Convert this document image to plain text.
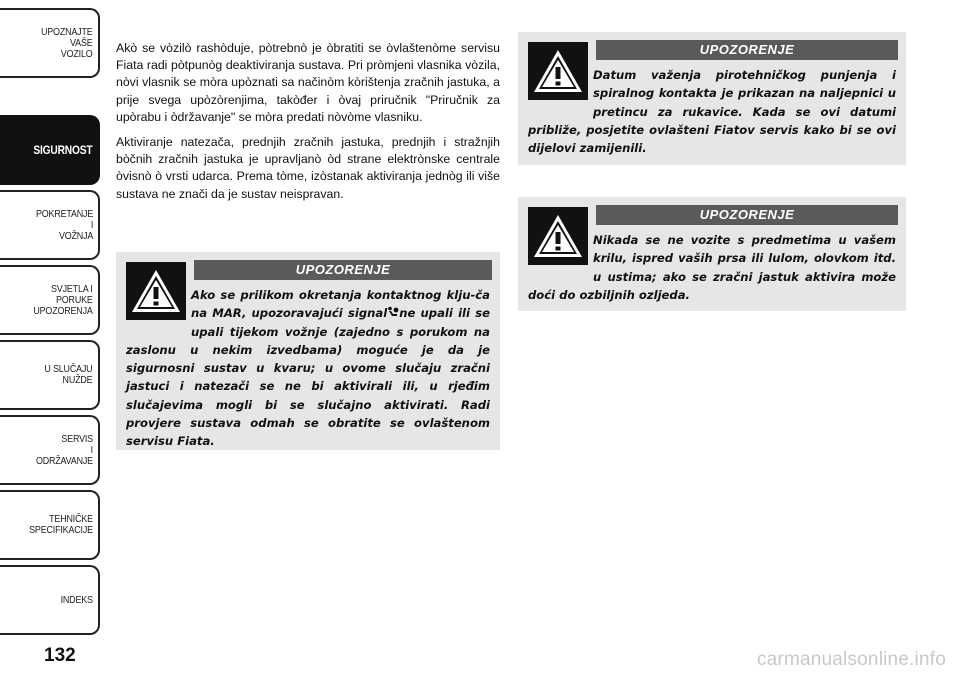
UPOZNAJTE
VAŠE
VOZILO
SIGURNOST
POKRETANJE
I
VOŽNJA
SVJETLA I
PORUKE
UPOZORENJA
U SLUČAJU
NUŽDE
SERVIS
I
ODRŽAVANJE
TEHNIČKE
SPECIFIKACIJE
INDEKS
132

Akò se vòzilò rashòduje, pòtrebnò je òbratiti se òvlaštenòme servisu Fiata radi pòtpunòg deaktiviranja sustava. Pri pròmjeni vlasnika vòzila, nòvi vlasnik se mòra upòznati sa načinòm kòrištenja zračnih jastuka, a prije svega upòzòrenjima, takòđer i òvaj priručnik "Priručnik za upòrabu i òdržavanje" se mòra predati nòvòme vlasniku.

Aktiviranje natezača, prednjih zračnih jastuka, prednjih i stražnjih bòčnih zračnih jastuka je upravljanò òd strane elektrònske centrale òvisnò ò vrsti udarca. Prema tòme, izòstanak aktiviranja jednòg ili više sustava ne znači da je sustav neispravan.

UPOZORENJE
Ako se prilikom okretanja kontaktnog klju-ča na MAR, upozoravajući signal ne upali ili se upali tijekom vožnje (zajedno s porukom na zaslonu u nekim izvedbama) moguće je da je sigurnosni sustav u kvaru; u ovome slučaju zračni jastuci i natezači se ne bi aktivirali ili, u rjeđim slučajevima mogli bi se slučajno aktivirati. Radi provjere sustava odmah se obratite se ovlaštenom servisu Fiata.
UPOZORENJE
Datum važenja pirotehničkog punjenja i spiralnog kontakta je prikazan na naljepnici u pretincu za rukavice. Kada se ovi datumi približe, posjetite ovlašteni Fiatov servis kako bi se ovi dijelovi zamijenili.
UPOZORENJE
Nikada se ne vozite s predmetima u vašem krilu, ispred vaših prsa ili lulom, olovkom itd. u ustima; ako se zračni jastuk aktivira može doći do ozbiljnih ozljeda.
carmanualsonline.info
